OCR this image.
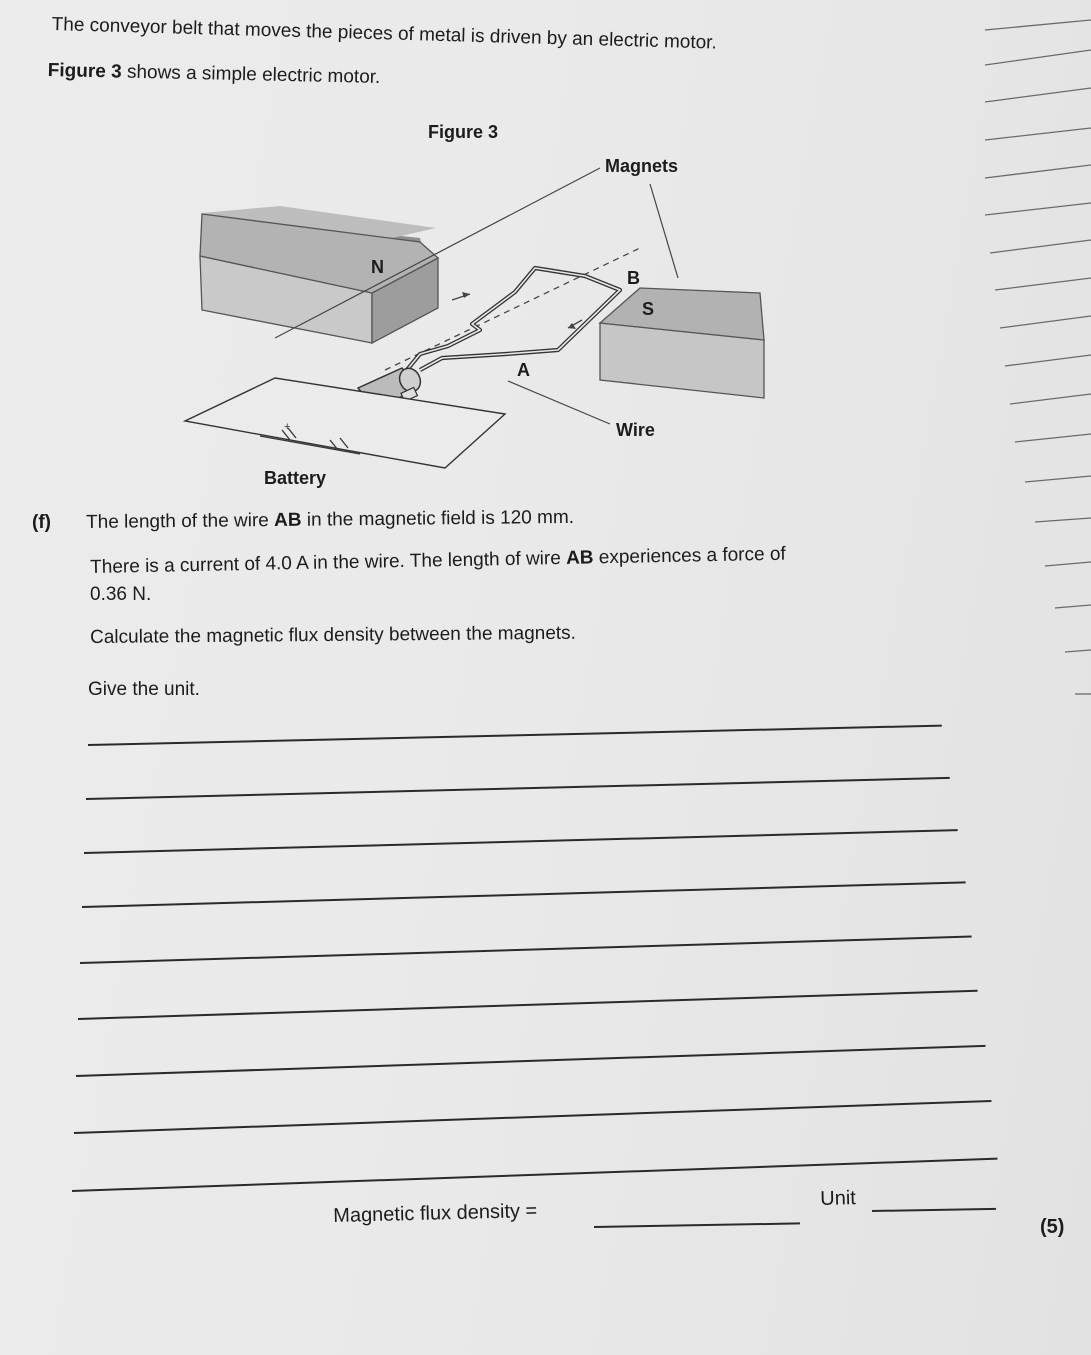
The conveyor belt that moves the pieces of metal is driven by an electric motor.
Figure 3 shows a simple electric motor.
Figure 3
+
Magnets
N
S
B
A
Wire
Battery
(f) The length of the wire AB in the magnetic field is 120 mm.
There is a current of 4.0 A in the wire. The length of wire AB experiences a force of
0.36 N.
Calculate the magnetic flux density between the magnets.
Give the unit.
Magnetic flux density =
Unit
(5)
